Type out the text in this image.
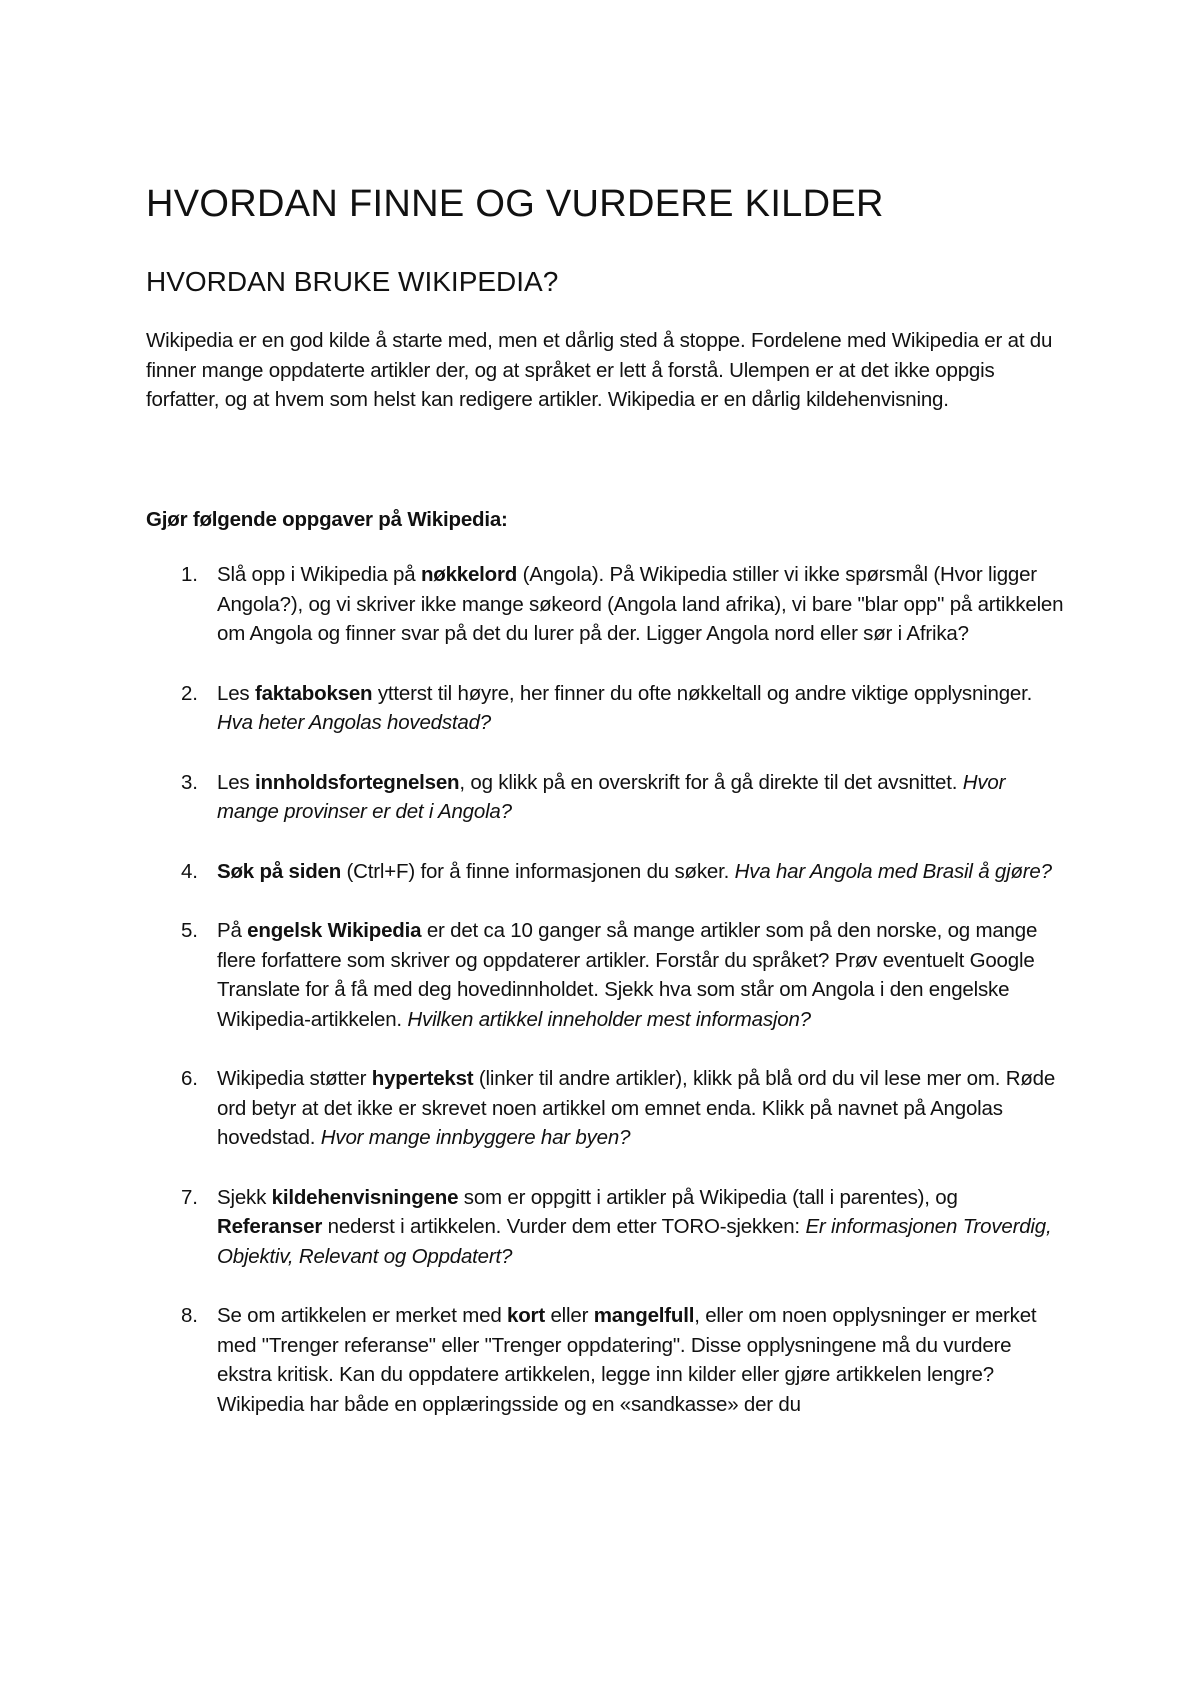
HVORDAN FINNE OG VURDERE KILDER
HVORDAN BRUKE WIKIPEDIA?

Wikipedia er en god kilde å starte med, men et dårlig sted å stoppe. Fordelene med Wikipedia er at du finner mange oppdaterte artikler der, og at språket er lett å forstå. Ulempen er at det ikke oppgis forfatter, og at hvem som helst kan redigere artikler. Wikipedia er en dårlig kildehenvisning.

Gjør følgende oppgaver på Wikipedia:

1. Slå opp i Wikipedia på nøkkelord (Angola). På Wikipedia stiller vi ikke spørsmål (Hvor ligger Angola?), og vi skriver ikke mange søkeord (Angola land afrika), vi bare "blar opp" på artikkelen om Angola og finner svar på det du lurer på der. Ligger Angola nord eller sør i Afrika?
2. Les faktaboksen ytterst til høyre, her finner du ofte nøkkeltall og andre viktige opplysninger. Hva heter Angolas hovedstad?
3. Les innholdsfortegnelsen, og klikk på en overskrift for å gå direkte til det avsnittet. Hvor mange provinser er det i Angola?
4. Søk på siden (Ctrl+F) for å finne informasjonen du søker. Hva har Angola med Brasil å gjøre?
5. På engelsk Wikipedia er det ca 10 ganger så mange artikler som på den norske, og mange flere forfattere som skriver og oppdaterer artikler. Forstår du språket? Prøv eventuelt Google Translate for å få med deg hovedinnholdet. Sjekk hva som står om Angola i den engelske Wikipedia-artikkelen. Hvilken artikkel inneholder mest informasjon?
6. Wikipedia støtter hypertekst (linker til andre artikler), klikk på blå ord du vil lese mer om. Røde ord betyr at det ikke er skrevet noen artikkel om emnet enda. Klikk på navnet på Angolas hovedstad. Hvor mange innbyggere har byen?
7. Sjekk kildehenvisningene som er oppgitt i artikler på Wikipedia (tall i parentes), og Referanser nederst i artikkelen. Vurder dem etter TORO-sjekken: Er informasjonen Troverdig, Objektiv, Relevant og Oppdatert?
8. Se om artikkelen er merket med kort eller mangelfull, eller om noen opplysninger er merket med "Trenger referanse" eller "Trenger oppdatering". Disse opplysningene må du vurdere ekstra kritisk. Kan du oppdatere artikkelen, legge inn kilder eller gjøre artikkelen lengre? Wikipedia har både en opplæringsside og en «sandkasse» der du
